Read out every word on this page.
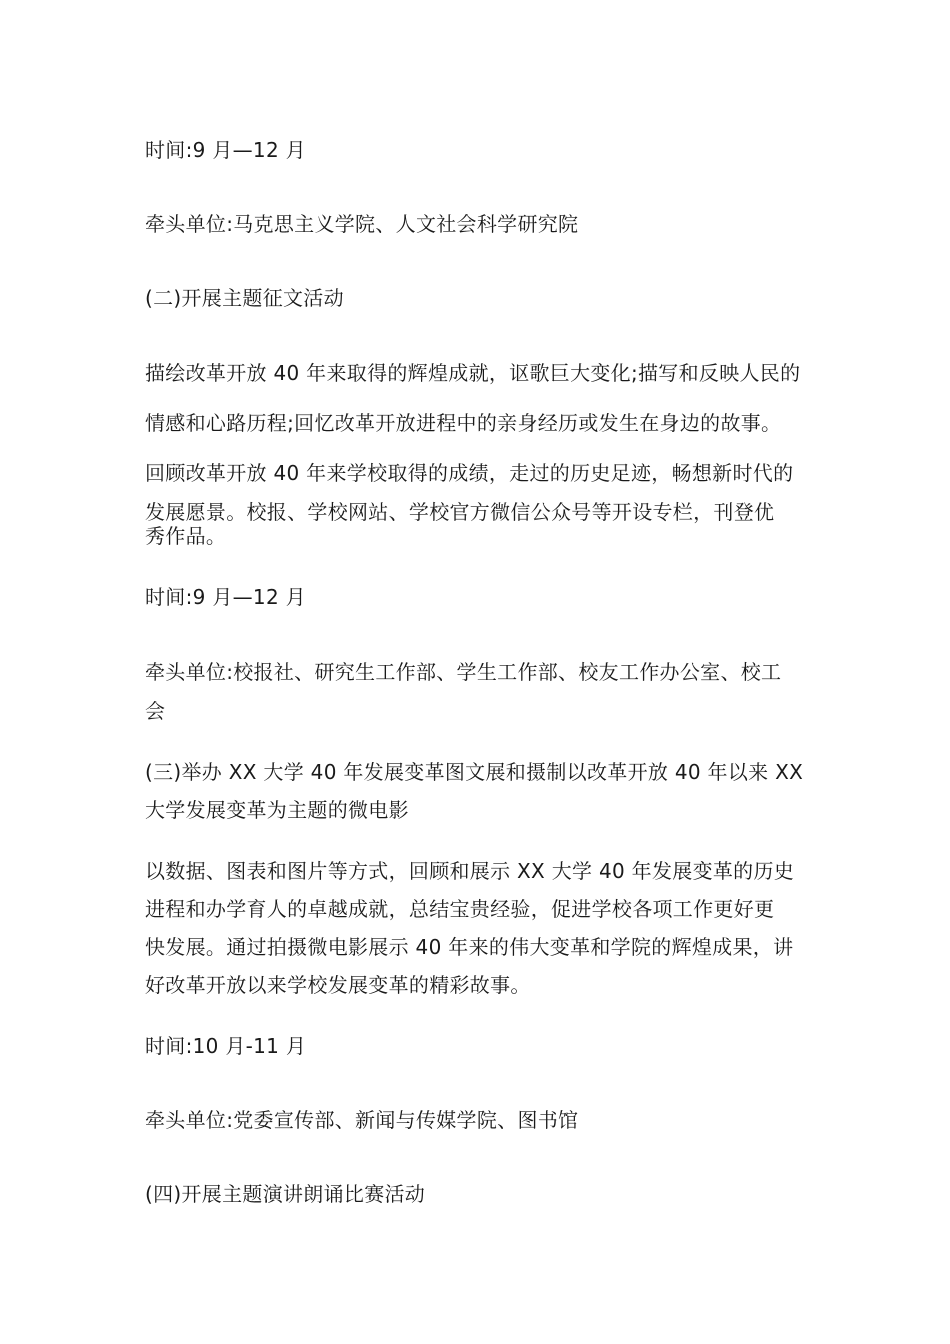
时间:9 月—12 月
牵头单位:马克思主义学院、人文社会科学研究院
(二)开展主题征文活动
描绘改革开放 40 年来取得的辉煌成就，讴歌巨大变化;描写和反映人民的
情感和心路历程;回忆改革开放进程中的亲身经历或发生在身边的故事。
回顾改革开放 40 年来学校取得的成绩，走过的历史足迹，畅想新时代的
发展愿景。校报、学校网站、学校官方微信公众号等开设专栏，刊登优
秀作品。
时间:9 月—12 月
牵头单位:校报社、研究生工作部、学生工作部、校友工作办公室、校工
会
(三)举办 XX 大学 40 年发展变革图文展和摄制以改革开放 40 年以来 XX
大学发展变革为主题的微电影
以数据、图表和图片等方式，回顾和展示 XX 大学 40 年发展变革的历史
进程和办学育人的卓越成就，总结宝贵经验，促进学校各项工作更好更
快发展。通过拍摄微电影展示 40 年来的伟大变革和学院的辉煌成果，讲
好改革开放以来学校发展变革的精彩故事。
时间:10 月-11 月
牵头单位:党委宣传部、新闻与传媒学院、图书馆
(四)开展主题演讲朗诵比赛活动
